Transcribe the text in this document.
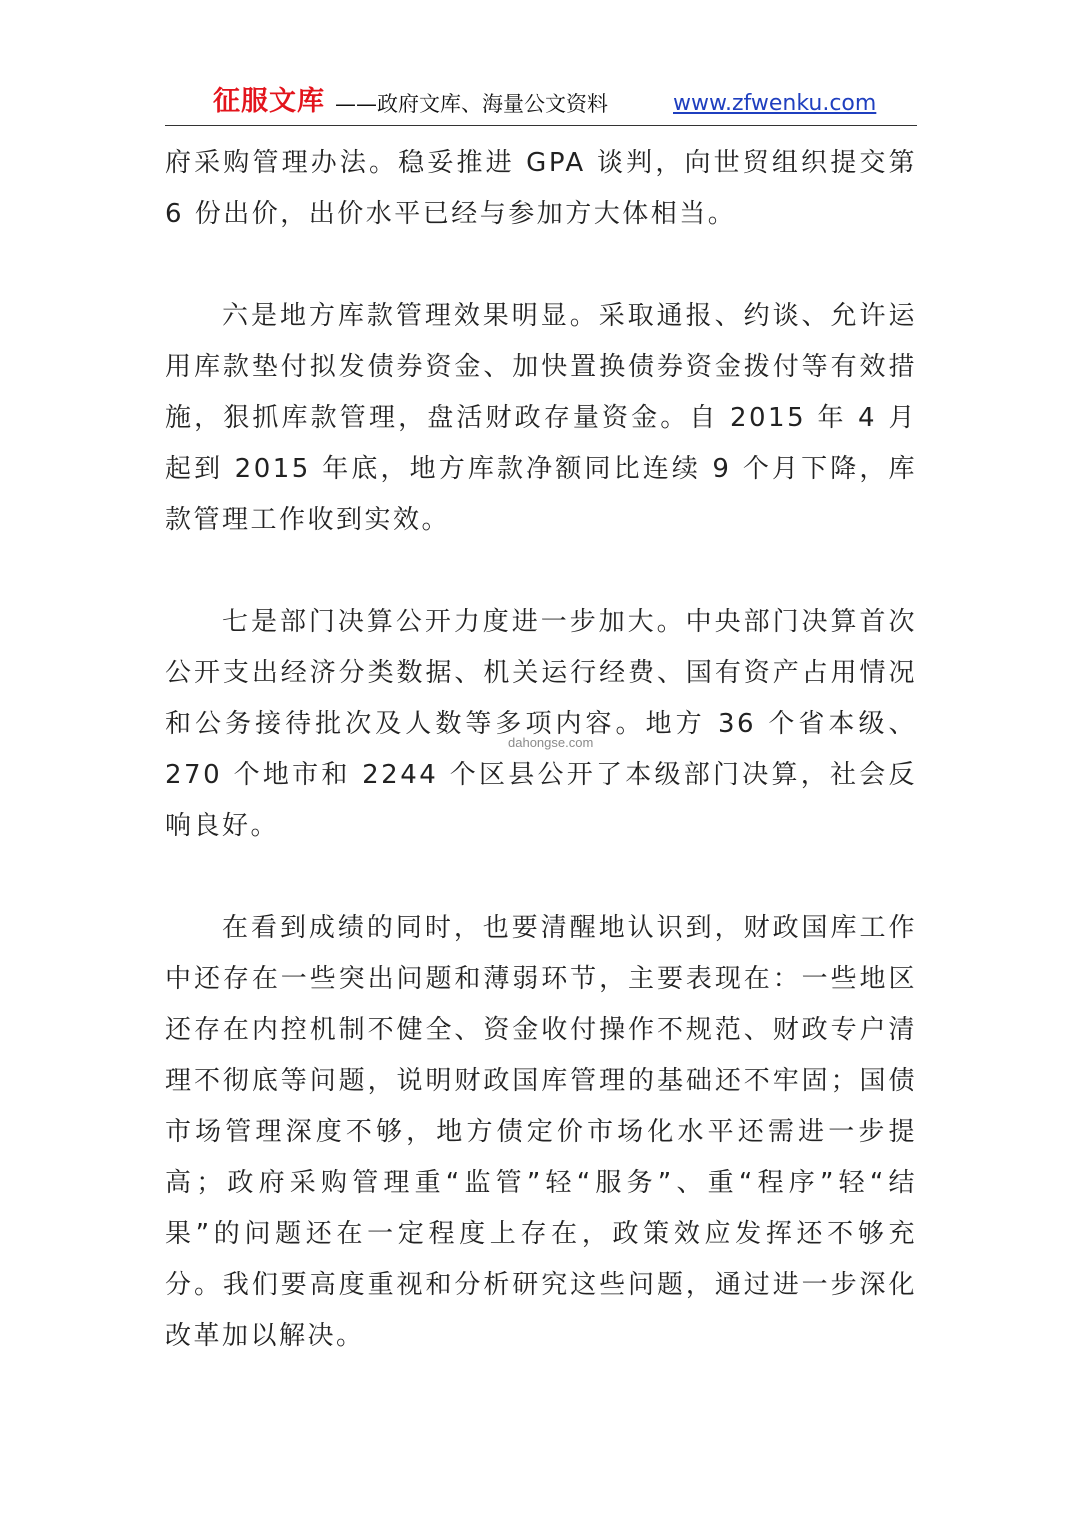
征服文库 ——政府文库、海量公文资料	www.zfwenku.com

府采购管理办法。稳妥推进 GPA 谈判，向世贸组织提交第 6 份出价，出价水平已经与参加方大体相当。

六是地方库款管理效果明显。采取通报、约谈、允许运用库款垫付拟发债券资金、加快置换债券资金拨付等有效措施，狠抓库款管理，盘活财政存量资金。自 2015 年 4 月起到 2015 年底，地方库款净额同比连续 9 个月下降，库款管理工作收到实效。

七是部门决算公开力度进一步加大。中央部门决算首次公开支出经济分类数据、机关运行经费、国有资产占用情况和公务接待批次及人数等多项内容。地方 36 个省本级、270 个地市和 2244 个区县公开了本级部门决算，社会反响良好。

在看到成绩的同时，也要清醒地认识到，财政国库工作中还存在一些突出问题和薄弱环节，主要表现在：一些地区还存在内控机制不健全、资金收付操作不规范、财政专户清理不彻底等问题，说明财政国库管理的基础还不牢固；国债市场管理深度不够，地方债定价市场化水平还需进一步提高；政府采购管理重“监管”轻“服务”、重“程序”轻“结果”的问题还在一定程度上存在，政策效应发挥还不够充分。我们要高度重视和分析研究这些问题，通过进一步深化改革加以解决。

dahongse.com
